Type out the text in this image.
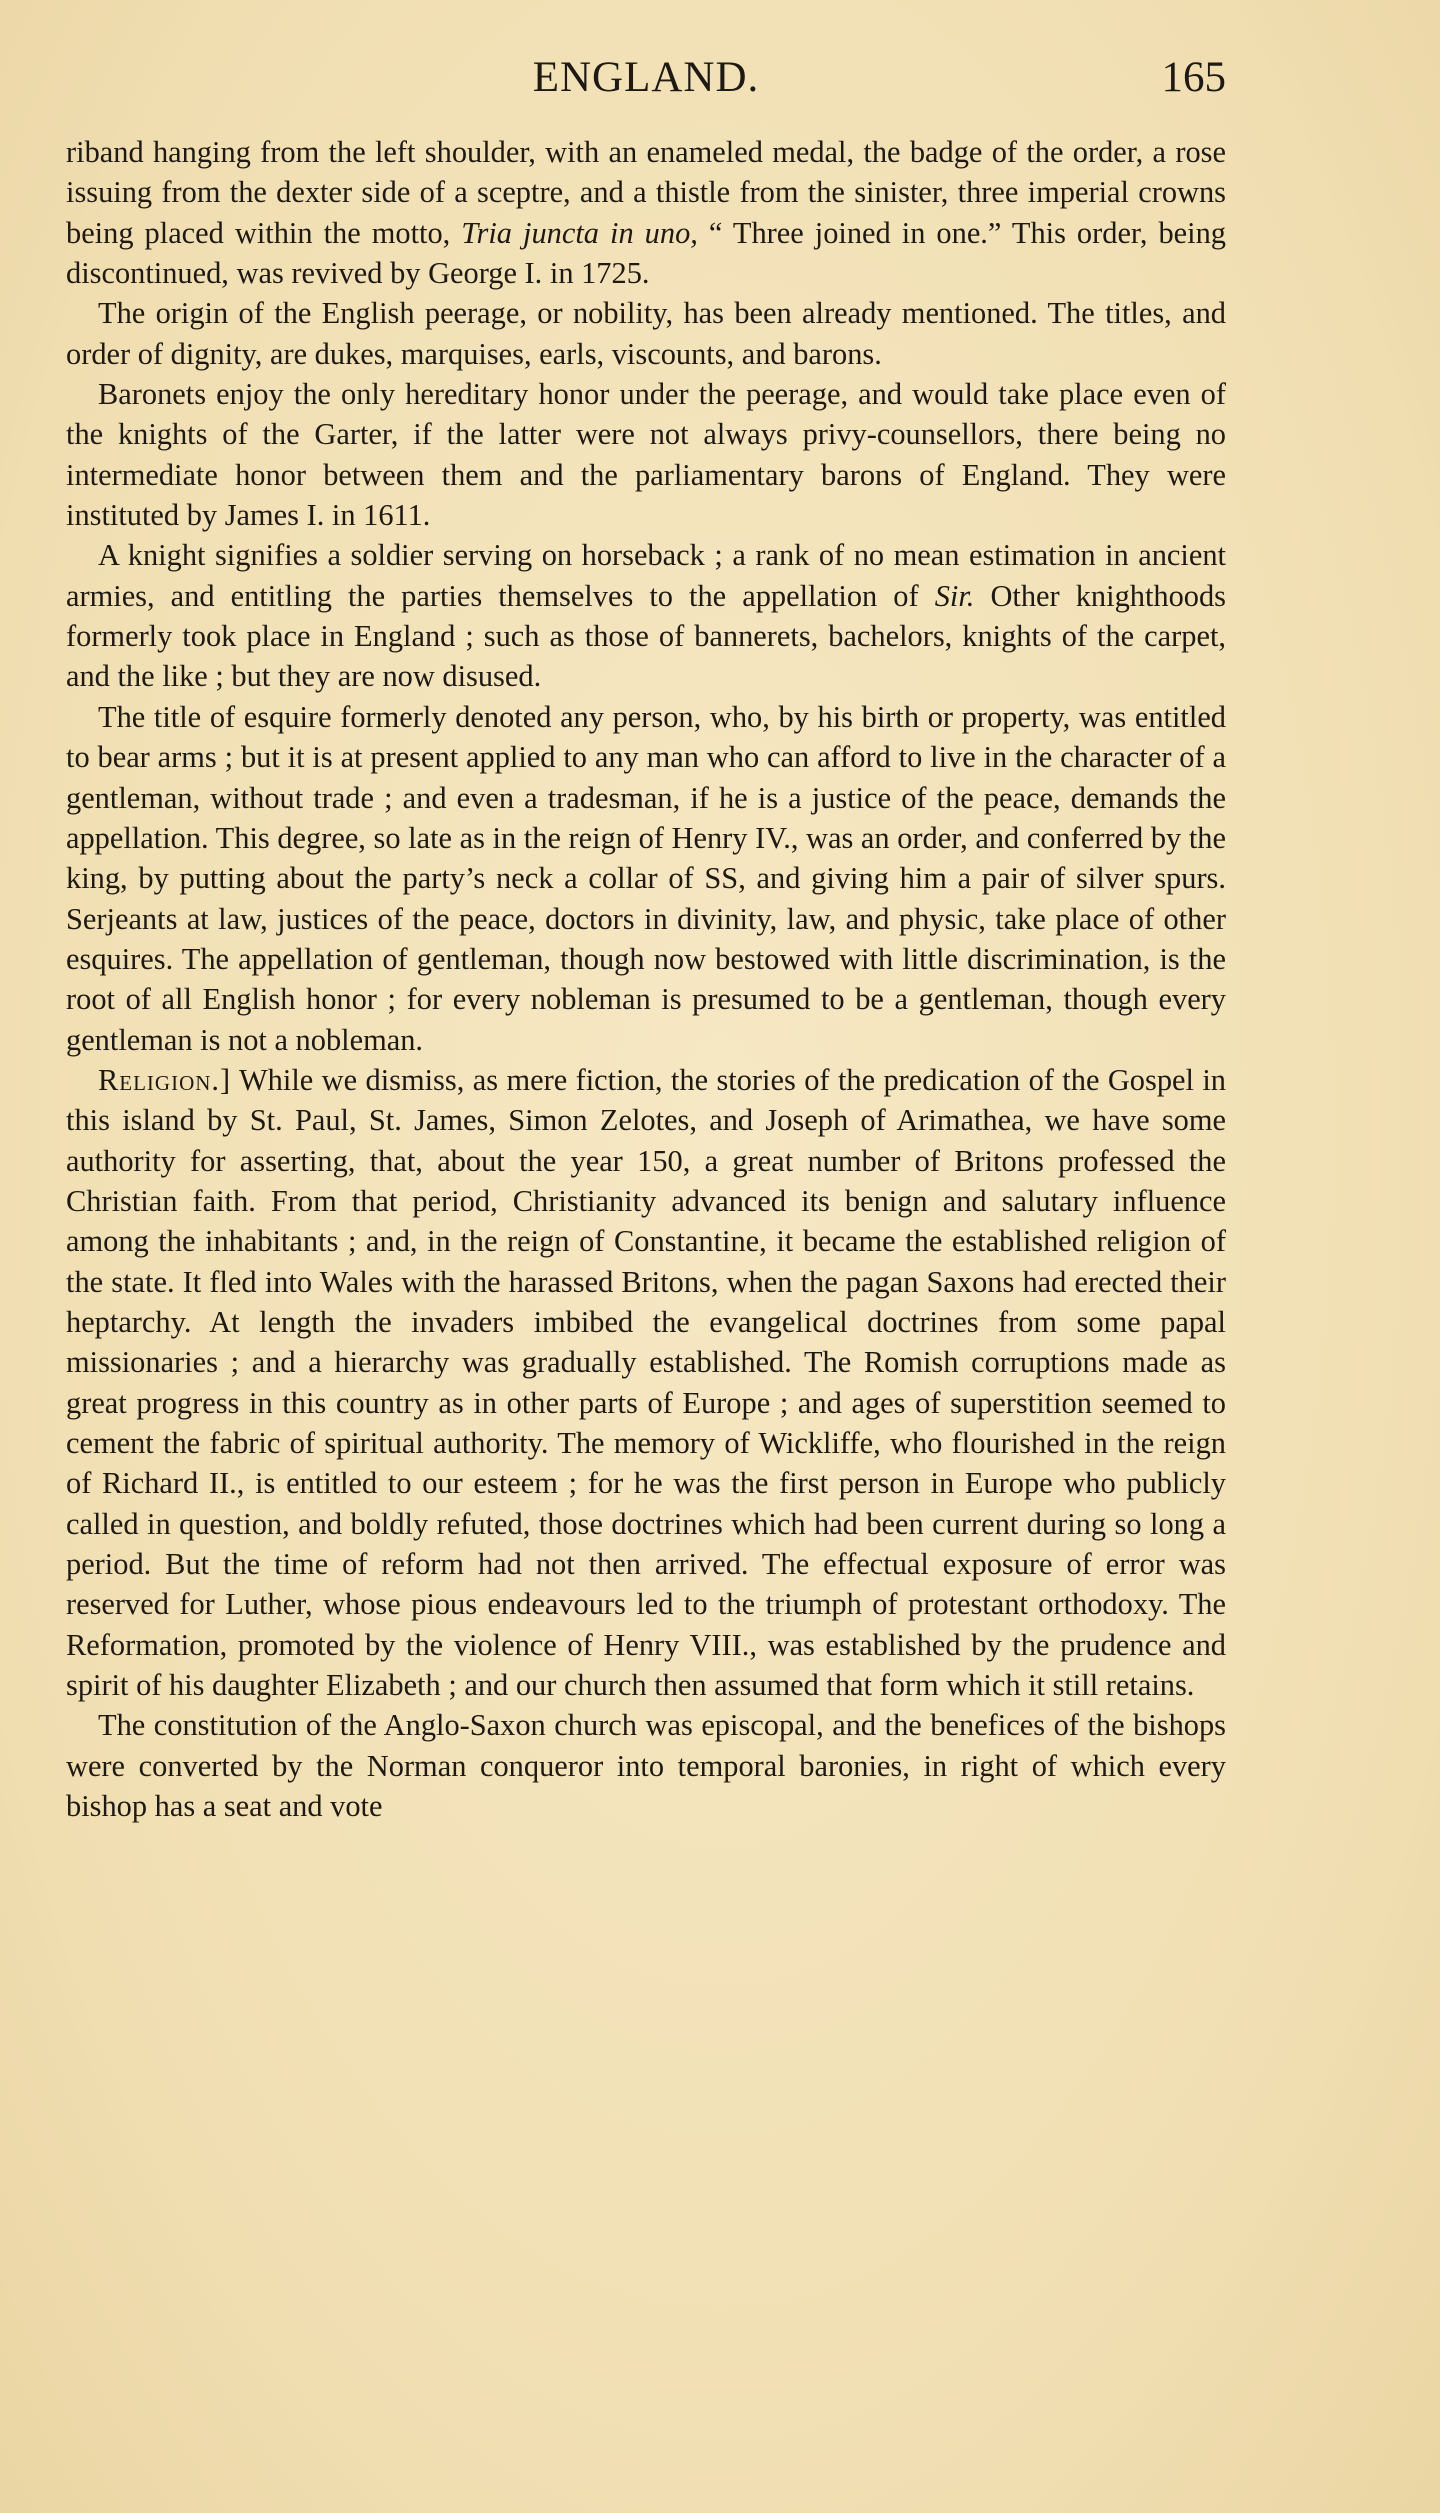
ENGLAND.	165

riband hanging from the left shoulder, with an enameled medal, the badge of the order, a rose issuing from the dexter side of a sceptre, and a thistle from the sinister, three imperial crowns being placed within the motto, Tria juncta in uno, “ Three joined in one.” This order, being discontinued, was revived by George I. in 1725.

The origin of the English peerage, or nobility, has been already mentioned. The titles, and order of dignity, are dukes, marquises, earls, viscounts, and barons.

Baronets enjoy the only hereditary honor under the peerage, and would take place even of the knights of the Garter, if the latter were not always privy-counsellors, there being no intermediate honor between them and the parliamentary barons of England. They were instituted by James I. in 1611.

A knight signifies a soldier serving on horseback ; a rank of no mean estimation in ancient armies, and entitling the parties themselves to the appellation of Sir. Other knighthoods formerly took place in England ; such as those of bannerets, bachelors, knights of the carpet, and the like ; but they are now disused.

The title of esquire formerly denoted any person, who, by his birth or property, was entitled to bear arms ; but it is at present applied to any man who can afford to live in the character of a gentleman, without trade ; and even a tradesman, if he is a justice of the peace, demands the appellation. This degree, so late as in the reign of Henry IV., was an order, and conferred by the king, by putting about the party’s neck a collar of SS, and giving him a pair of silver spurs. Serjeants at law, justices of the peace, doctors in divinity, law, and physic, take place of other esquires. The appellation of gentleman, though now bestowed with little discrimination, is the root of all English honor ; for every nobleman is presumed to be a gentleman, though every gentleman is not a nobleman.

Religion.] While we dismiss, as mere fiction, the stories of the predication of the Gospel in this island by St. Paul, St. James, Simon Zelotes, and Joseph of Arimathea, we have some authority for asserting, that, about the year 150, a great number of Britons professed the Christian faith. From that period, Christianity advanced its benign and salutary influence among the inhabitants ; and, in the reign of Constantine, it became the established religion of the state. It fled into Wales with the harassed Britons, when the pagan Saxons had erected their heptarchy. At length the invaders imbibed the evangelical doctrines from some papal missionaries ; and a hierarchy was gradually established. The Romish corruptions made as great progress in this country as in other parts of Europe ; and ages of superstition seemed to cement the fabric of spiritual authority. The memory of Wickliffe, who flourished in the reign of Richard II., is entitled to our esteem ; for he was the first person in Europe who publicly called in question, and boldly refuted, those doctrines which had been current during so long a period. But the time of reform had not then arrived. The effectual exposure of error was reserved for Luther, whose pious endeavours led to the triumph of protestant orthodoxy. The Reformation, promoted by the violence of Henry VIII., was established by the prudence and spirit of his daughter Elizabeth ; and our church then assumed that form which it still retains.

The constitution of the Anglo-Saxon church was episcopal, and the benefices of the bishops were converted by the Norman conqueror into temporal baronies, in right of which every bishop has a seat and vote
